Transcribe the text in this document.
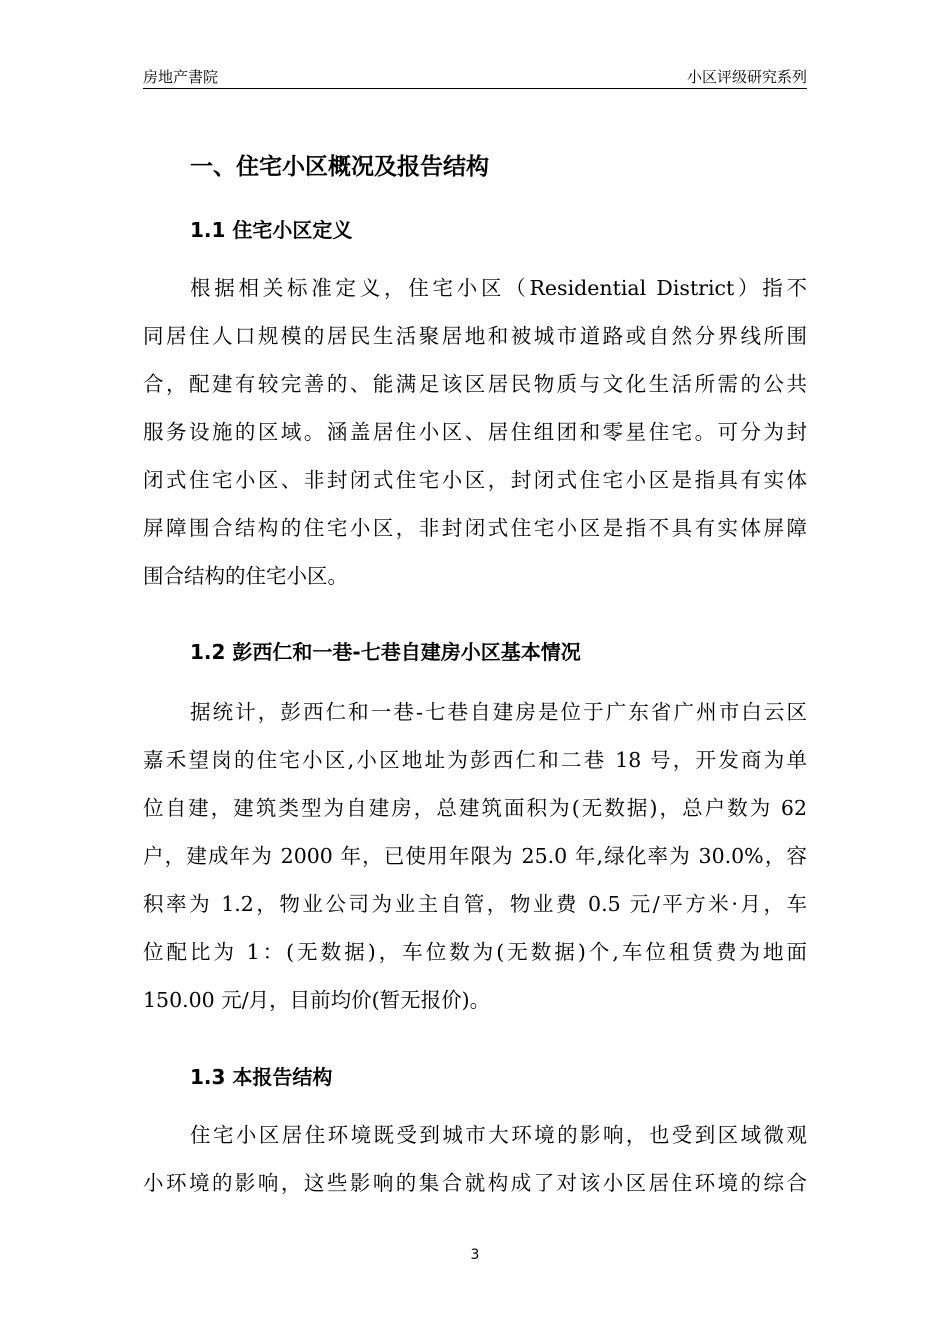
房地产書院	小区评级研究系列
一、住宅小区概况及报告结构
1.1 住宅小区定义
根据相关标准定义，住宅小区（Residential District）指不
同居住人口规模的居民生活聚居地和被城市道路或自然分界线所围
合，配建有较完善的、能满足该区居民物质与文化生活所需的公共
服务设施的区域。涵盖居住小区、居住组团和零星住宅。可分为封
闭式住宅小区、非封闭式住宅小区，封闭式住宅小区是指具有实体
屏障围合结构的住宅小区，非封闭式住宅小区是指不具有实体屏障
围合结构的住宅小区。
1.2 彭西仁和一巷-七巷自建房小区基本情况
据统计，彭西仁和一巷-七巷自建房是位于广东省广州市白云区
嘉禾望岗的住宅小区,小区地址为彭西仁和二巷 18 号，开发商为单
位自建，建筑类型为自建房，总建筑面积为(无数据)，总户数为 62
户，建成年为 2000 年，已使用年限为 25.0 年,绿化率为 30.0%，容
积率为 1.2，物业公司为业主自管，物业费 0.5 元/平方米·月，车
位配比为 1：(无数据)，车位数为(无数据)个,车位租赁费为地面
150.00 元/月，目前均价(暂无报价)。
1.3 本报告结构
住宅小区居住环境既受到城市大环境的影响，也受到区域微观
小环境的影响，这些影响的集合就构成了对该小区居住环境的综合
3
